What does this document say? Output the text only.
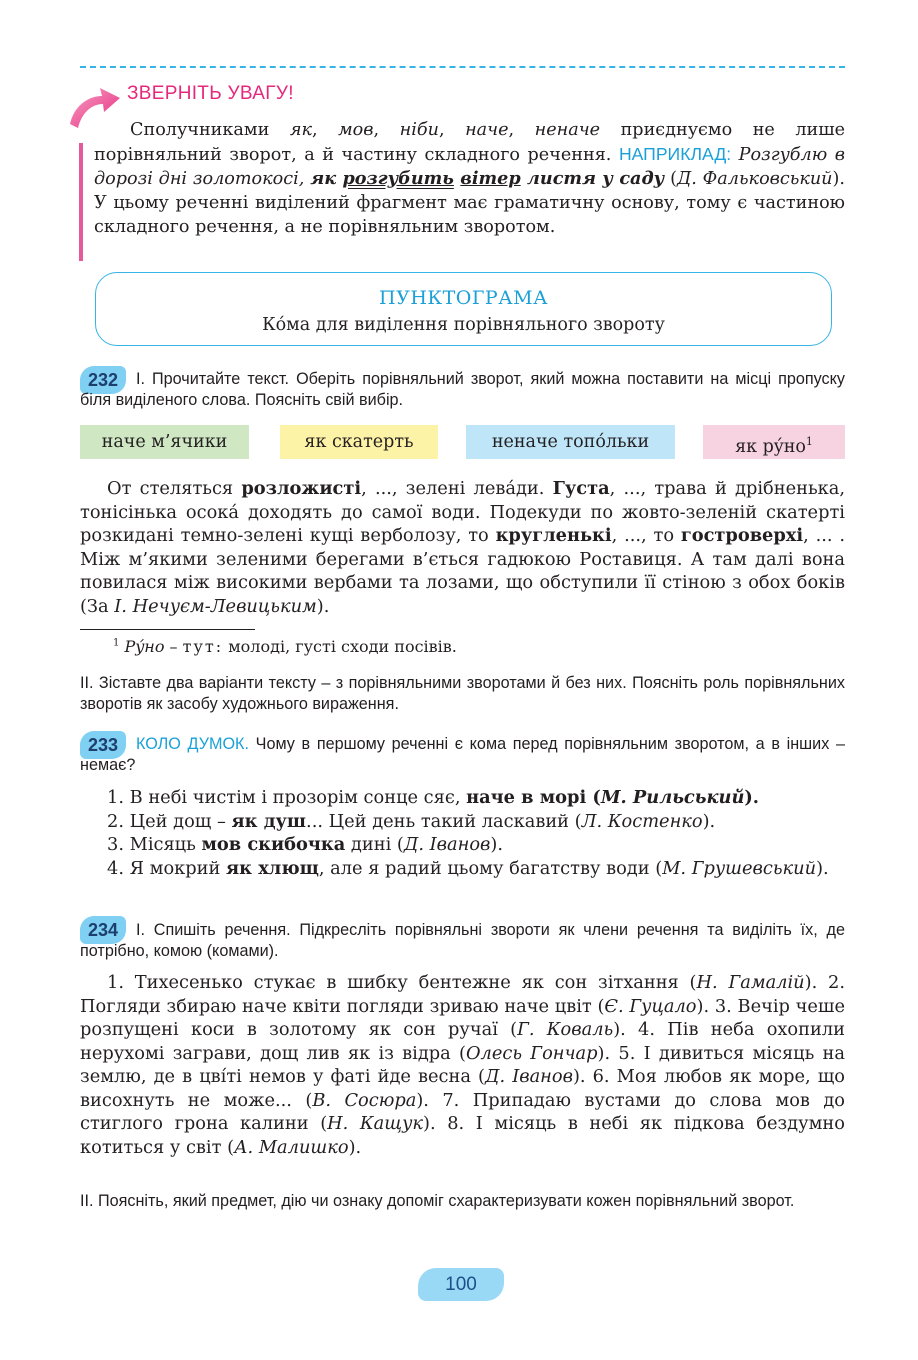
ЗВЕРНІТЬ УВАГУ!

Сполучниками як, мов, ніби, наче, неначе приєднуємо не лише порівняльний зворот, а й частину складного речення. НАПРИКЛАД: Розгублю в дорозі дні золотокосі, як розгубить вітер листя у саду (Д. Фальковський). У цьому реченні виділений фрагмент має граматичну основу, тому є частиною складного речення, а не порівняльним зворотом.

ПУНКТОГРАМА
Кóма для виділення порівняльного звороту
232	І. Прочитайте текст. Оберіть порівняльний зворот, який можна поставити на місці пропуску біля виділеного слова. Поясніть свій вибір.
наче м’ячики	як скатерть	неначе топóльки	як рýно$^1$

От стеляться розложисті, ..., зелені левáди. Густа, ..., трава й дрібненька, тонісінька осокá доходять до самої води. Подекуди по жовто-зеленій скатерті розкидані темно-зелені кущі верболозу, то кругленькі, ..., то гостроверхі, ... . Між м’якими зеленими берегами в’ється гадюкою Роставиця. А там далі вона повилася між високими вербами та лозами, що обступили її стіною з обох боків (За І. Нечуєм-Левицьким).

$^1$ Рýно – тут: молоді, густі сходи посівів.
ІІ. Зіставте два варіанти тексту – з порівняльними зворотами й без них. Поясніть роль порівняльних зворотів як засобу художнього вираження.
233	КОЛО ДУМОК. Чому в першому реченні є кома перед порівняльним зворотом, а в інших – немає?
1. В небі чистім і прозорім сонце сяє, наче в морі (М. Рильський).
2. Цей дощ – як душ... Цей день такий ласкавий (Л. Костенко).
3. Місяць мов скибочка дині (Д. Іванов).
4. Я мокрий як хлющ, але я радий цьому багатству води (М. Грушевський).
234	І. Спишіть речення. Підкресліть порівняльні звороти як члени речення та виділіть їх, де потрібно, комою (комами).

1. Тихесенько стукає в шибку бентежне як сон зітхання (Н. Гамалій). 2. Погляди збираю наче квіти погляди зриваю наче цвіт (Є. Гуцало). 3. Вечір чеше розпущені коси в золотому як сон ручаї (Г. Коваль). 4. Пів неба охопили нерухомі заграви, дощ лив як із відра (Олесь Гончар). 5. І дивиться місяць на землю, де в цвíті немов у фаті йде весна (Д. Іванов). 6. Моя любов як море, що висохнуть не може... (В. Сосюра). 7. Припадаю вустами до слова мов до стиглого грона калини (Н. Кащук). 8. І місяць в небі як підкова бездумно котиться у світ (А. Малишко).

ІІ. Поясніть, який предмет, дію чи ознаку допоміг схарактеризувати кожен порівняльний зворот.
100
